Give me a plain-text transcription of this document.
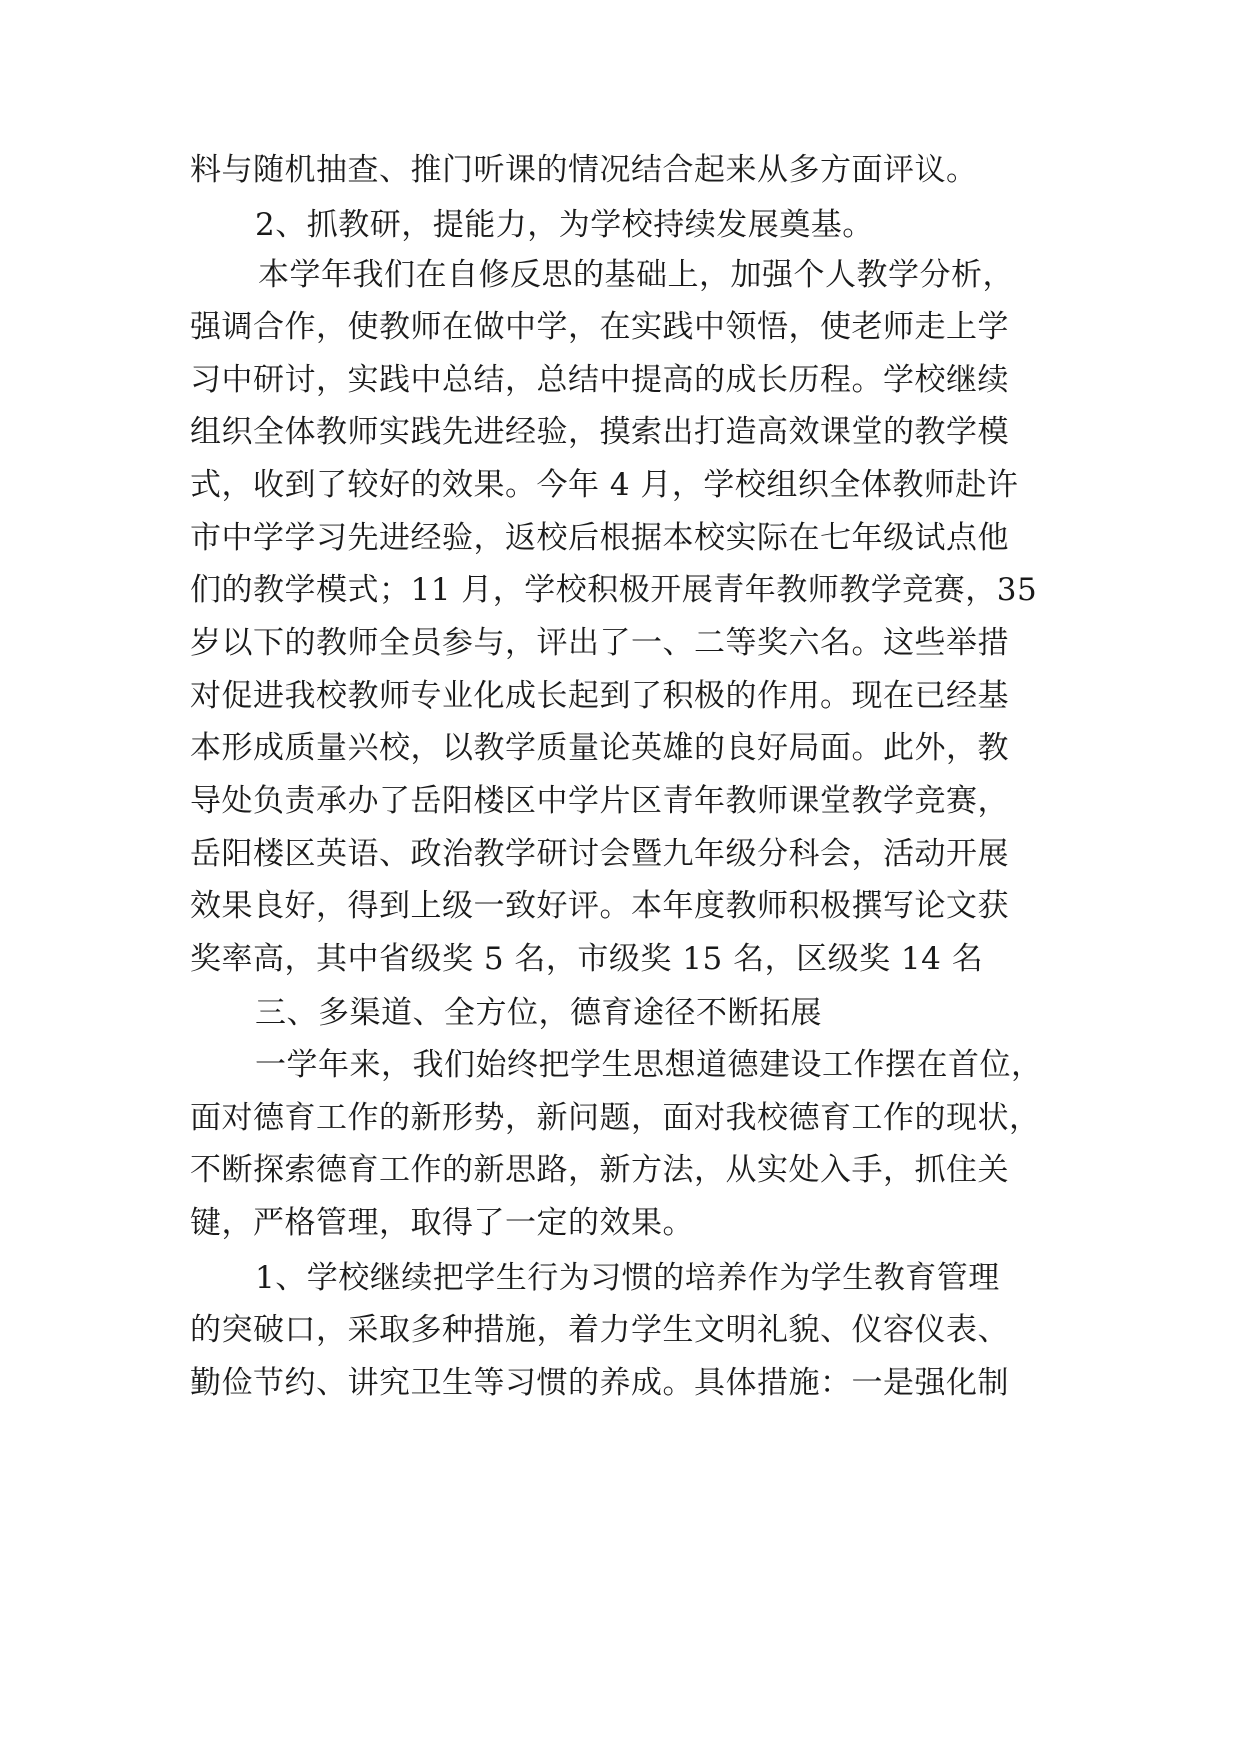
料与随机抽查、推门听课的情况结合起来从多方面评议。
2、抓教研，提能力，为学校持续发展奠基。
本学年我们在自修反思的基础上，加强个人教学分析，
强调合作，使教师在做中学，在实践中领悟，使老师走上学
习中研讨，实践中总结，总结中提高的成长历程。学校继续
组织全体教师实践先进经验，摸索出打造高效课堂的教学模
式，收到了较好的效果。今年 4 月，学校组织全体教师赴许
市中学学习先进经验，返校后根据本校实际在七年级试点他
们的教学模式；11 月，学校积极开展青年教师教学竞赛，35
岁以下的教师全员参与，评出了一、二等奖六名。这些举措
对促进我校教师专业化成长起到了积极的作用。现在已经基
本形成质量兴校，以教学质量论英雄的良好局面。此外，教
导处负责承办了岳阳楼区中学片区青年教师课堂教学竞赛，
岳阳楼区英语、政治教学研讨会暨九年级分科会，活动开展
效果良好，得到上级一致好评。本年度教师积极撰写论文获
奖率高，其中省级奖 5 名，市级奖 15 名，区级奖 14 名
三、多渠道、全方位，德育途径不断拓展
一学年来，我们始终把学生思想道德建设工作摆在首位，
面对德育工作的新形势，新问题，面对我校德育工作的现状，
不断探索德育工作的新思路，新方法，从实处入手，抓住关
键，严格管理，取得了一定的效果。
1、学校继续把学生行为习惯的培养作为学生教育管理
的突破口，采取多种措施，着力学生文明礼貌、仪容仪表、
勤俭节约、讲究卫生等习惯的养成。具体措施：一是强化制
